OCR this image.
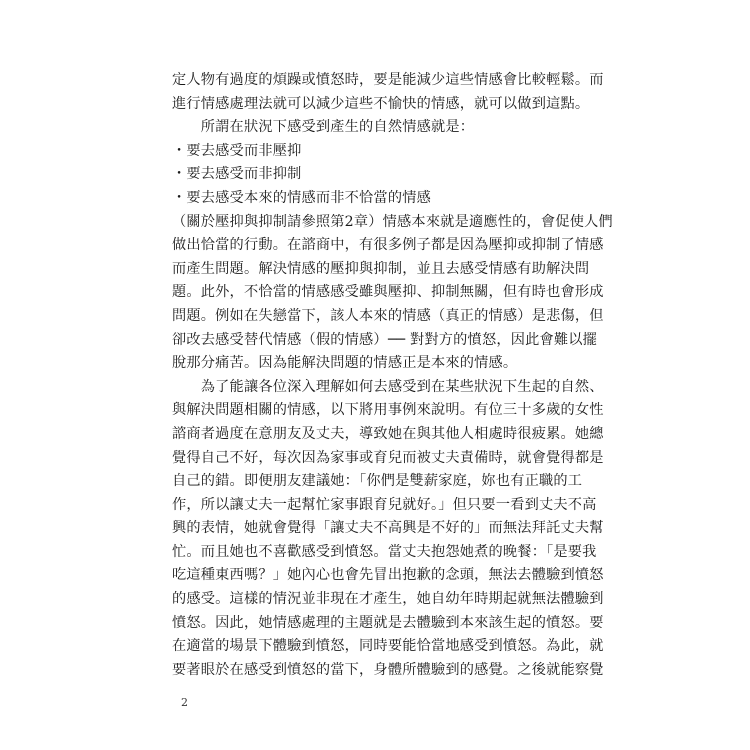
定人物有過度的煩躁或憤怒時，要是能減少這些情感會比較輕鬆。而
進行情感處理法就可以減少這些不愉快的情感，就可以做到這點。
　　所謂在狀況下感受到產生的自然情感就是：
・要去感受而非壓抑
・要去感受而非抑制
・要去感受本來的情感而非不恰當的情感
（關於壓抑與抑制請參照第2章）情感本來就是適應性的，會促使人們
做出恰當的行動。在諮商中，有很多例子都是因為壓抑或抑制了情感
而產生問題。解決情感的壓抑與抑制，並且去感受情感有助解決問
題。此外，不恰當的情感感受雖與壓抑、抑制無關，但有時也會形成
問題。例如在失戀當下，該人本來的情感（真正的情感）是悲傷，但
卻改去感受替代情感（假的情感）── 對對方的憤怒，因此會難以擺
脫那分痛苦。因為能解決問題的情感正是本來的情感。
　　為了能讓各位深入理解如何去感受到在某些狀況下生起的自然、
與解決問題相關的情感，以下將用事例來說明。有位三十多歲的女性
諮商者過度在意朋友及丈夫，導致她在與其他人相處時很疲累。她總
覺得自己不好，每次因為家事或育兒而被丈夫責備時，就會覺得都是
自己的錯。即便朋友建議她：「你們是雙薪家庭，妳也有正職的工
作，所以讓丈夫一起幫忙家事跟育兒就好。」但只要一看到丈夫不高
興的表情，她就會覺得「讓丈夫不高興是不好的」而無法拜託丈夫幫
忙。而且她也不喜歡感受到憤怒。當丈夫抱怨她煮的晚餐：「是要我
吃這種東西嗎？」她內心也會先冒出抱歉的念頭，無法去體驗到憤怒
的感受。這樣的情況並非現在才產生，她自幼年時期起就無法體驗到
憤怒。因此，她情感處理的主題就是去體驗到本來該生起的憤怒。要
在適當的場景下體驗到憤怒，同時要能恰當地感受到憤怒。為此，就
要著眼於在感受到憤怒的當下，身體所體驗到的感覺。之後就能察覺
2
